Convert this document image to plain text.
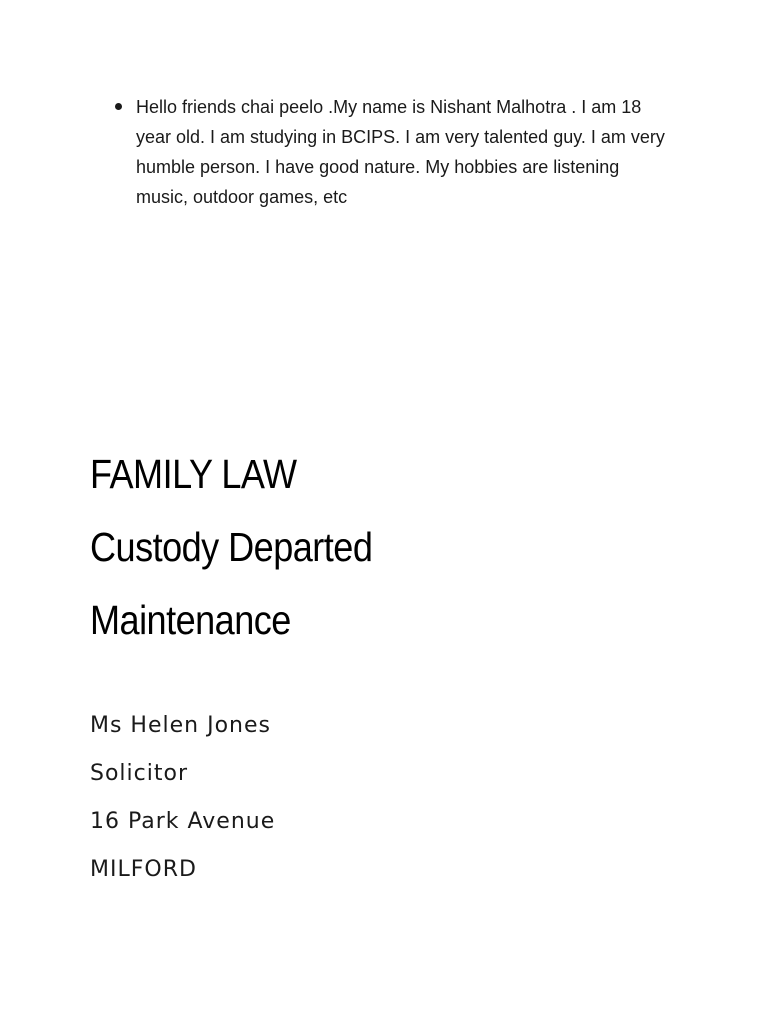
Hello friends chai peelo .My name is Nishant Malhotra . I am 18 year old. I am studying in BCIPS. I am very talented guy. I am very humble person. I have good nature. My hobbies are listening music, outdoor games, etc
FAMILY LAW
Custody Departed
Maintenance
Ms Helen Jones
Solicitor
16 Park Avenue
MILFORD
